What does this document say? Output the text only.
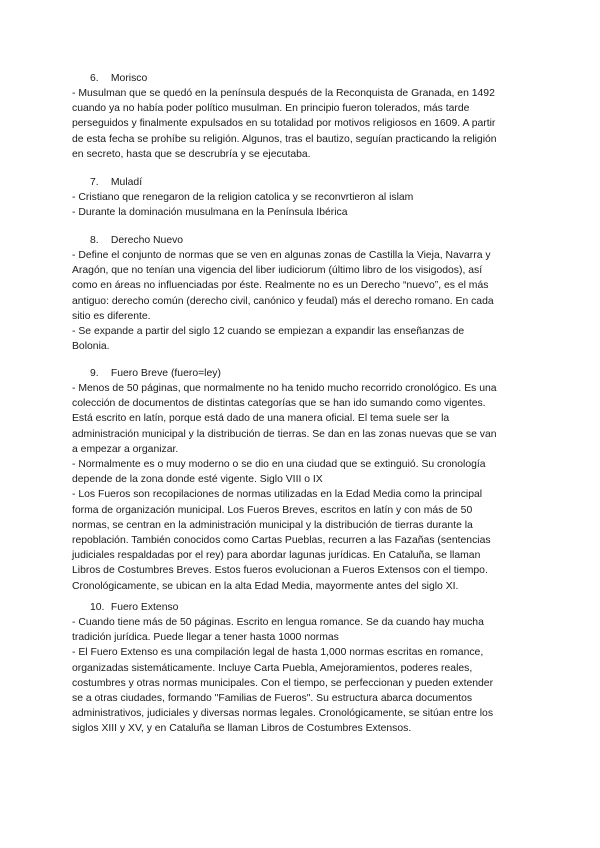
6. Morisco

- Musulman que se quedó en la península después de la Reconquista de Granada, en 1492

cuando ya no había poder político musulman. En principio fueron tolerados, más tarde

perseguidos y finalmente expulsados en su totalidad por motivos religiosos en 1609. A partir

de esta fecha se prohíbe su religión. Algunos, tras el bautizo, seguían practicando la religión

en secreto, hasta que se descrubría y se ejecutaba.

7. Muladí

- Cristiano que renegaron de la religion catolica y se reconvrtieron al islam

- Durante la dominación musulmana en la Península Ibérica

8. Derecho Nuevo

- Define el conjunto de normas que se ven en algunas zonas de Castilla la Vieja, Navarra y

Aragón, que no tenían una vigencia del liber iudiciorum (último libro de los visigodos), así

como en áreas no influenciadas por éste. Realmente no es un Derecho “nuevo”, es el más

antiguo: derecho común (derecho civil, canónico y feudal) más el derecho romano. En cada

sitio es diferente.

- Se expande a partir del siglo 12 cuando se empiezan a expandir las enseñanzas de

Bolonia.

9. Fuero Breve (fuero=ley)

- Menos de 50 páginas, que normalmente no ha tenido mucho recorrido cronológico. Es una

colección de documentos de distintas categorías que se han ido sumando como vigentes.

Está escrito en latín, porque está dado de una manera oficial. El tema suele ser la

administración municipal y la distribución de tierras. Se dan en las zonas nuevas que se van

a empezar a organizar.

- Normalmente es o muy moderno o se dio en una ciudad que se extinguió. Su cronología

depende de la zona donde esté vigente. Siglo VIII o IX

- Los Fueros son recopilaciones de normas utilizadas en la Edad Media como la principal

forma de organización municipal. Los Fueros Breves, escritos en latín y con más de 50

normas, se centran en la administración municipal y la distribución de tierras durante la

repoblación. También conocidos como Cartas Pueblas, recurren a las Fazañas (sentencias

judiciales respaldadas por el rey) para abordar lagunas jurídicas. En Cataluña, se llaman

Libros de Costumbres Breves. Estos fueros evolucionan a Fueros Extensos con el tiempo.

Cronológicamente, se ubican en la alta Edad Media, mayormente antes del siglo XI.

10. Fuero Extenso

- Cuando tiene más de 50 páginas. Escrito en lengua romance. Se da cuando hay mucha

tradición jurídica. Puede llegar a tener hasta 1000 normas

- El Fuero Extenso es una compilación legal de hasta 1,000 normas escritas en romance,

organizadas sistemáticamente. Incluye Carta Puebla, Amejoramientos, poderes reales,

costumbres y otras normas municipales. Con el tiempo, se perfeccionan y pueden extender

se a otras ciudades, formando "Familias de Fueros". Su estructura abarca documentos

administrativos, judiciales y diversas normas legales. Cronológicamente, se sitúan entre los

siglos XIII y XV, y en Cataluña se llaman Libros de Costumbres Extensos.
